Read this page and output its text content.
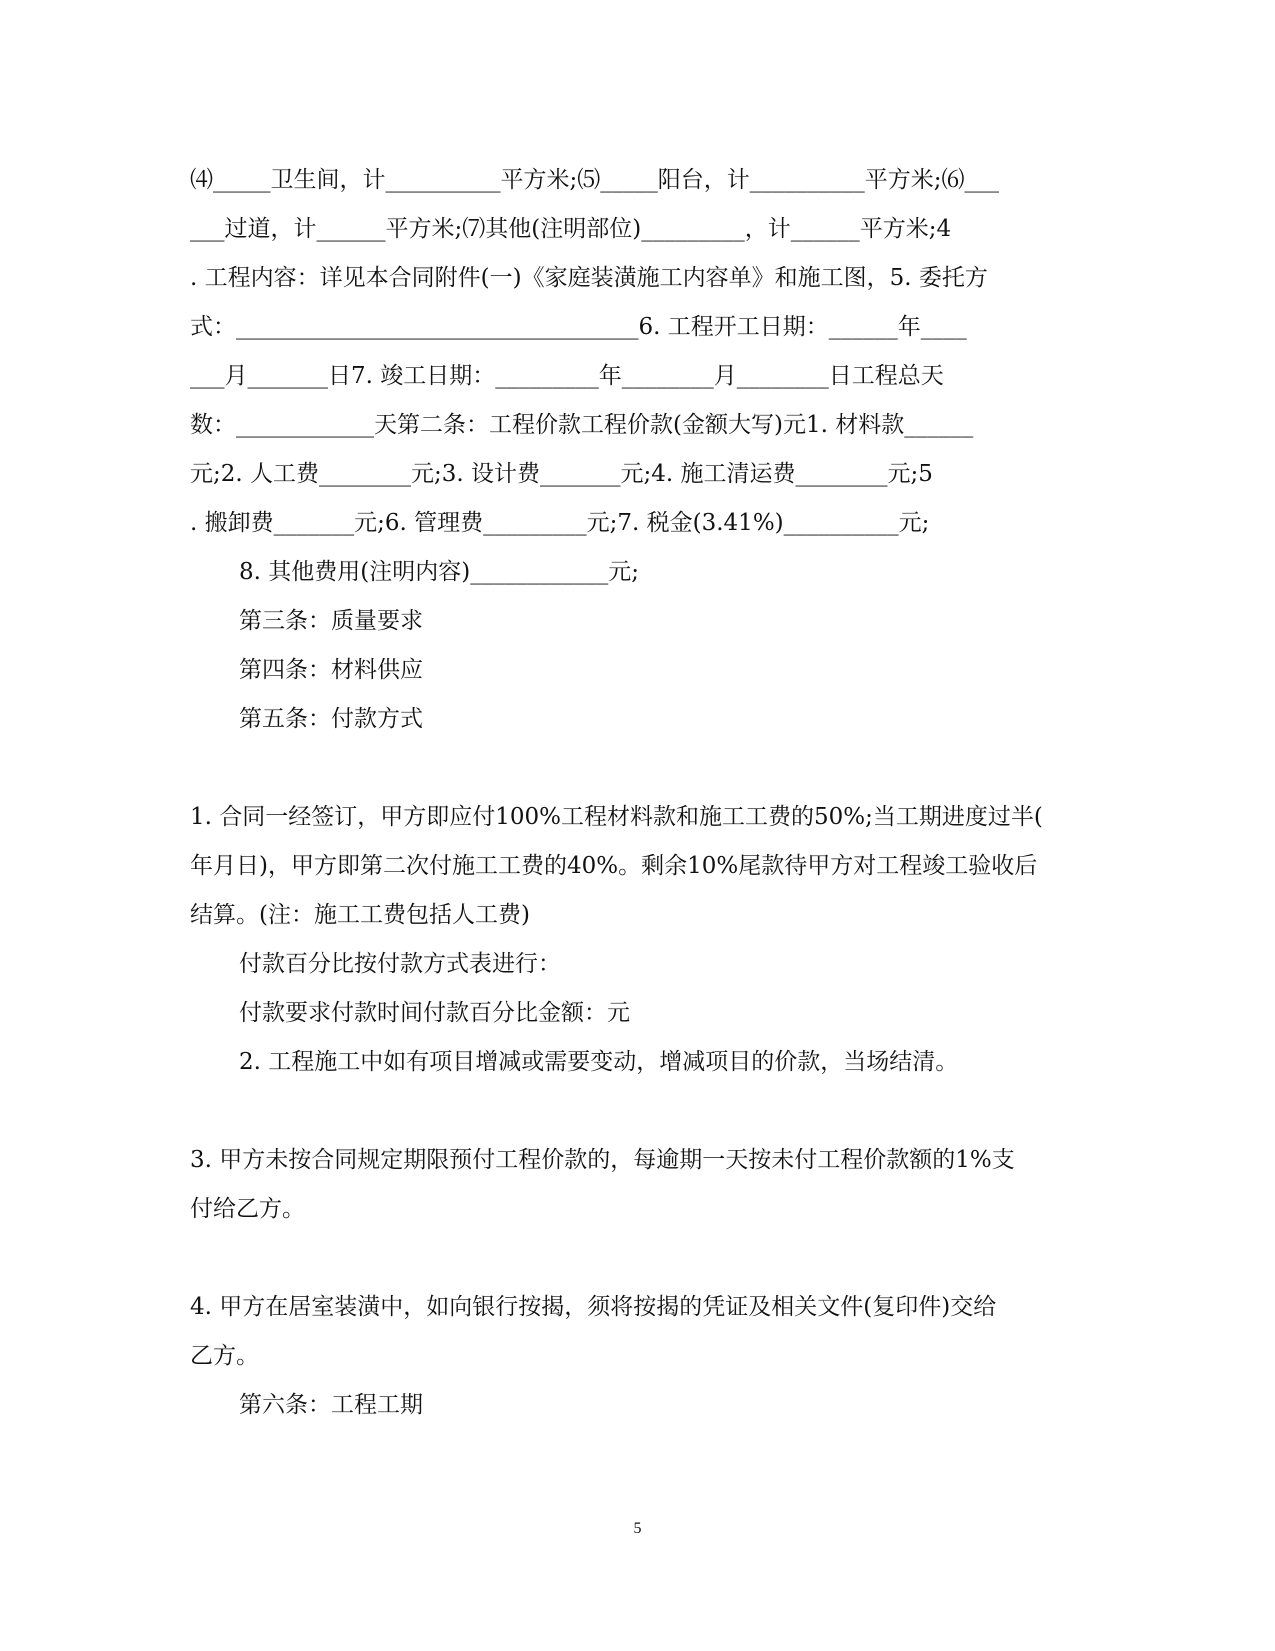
⑷_____卫生间，计__________平方米;⑸_____阳台，计__________平方米;⑹___
___过道，计______平方米;⑺其他(注明部位)_________，计______平方米;4
. 工程内容：详见本合同附件(一)《家庭装潢施工内容单》和施工图，5. 委托方
式：___________________________________6. 工程开工日期：______年____
___月_______日7. 竣工日期：_________年________月________日工程总天
数：____________天第二条：工程价款工程价款(金额大写)元1. 材料款______
元;2. 人工费________元;3. 设计费_______元;4. 施工清运费________元;5
. 搬卸费_______元;6. 管理费_________元;7. 税金(3.41%)__________元;
8. 其他费用(注明内容)____________元;
第三条：质量要求
第四条：材料供应
第五条：付款方式
1. 合同一经签订，甲方即应付100%工程材料款和施工工费的50%;当工期进度过半(
年月日)，甲方即第二次付施工工费的40%。剩余10%尾款待甲方对工程竣工验收后
结算。(注：施工工费包括人工费)
付款百分比按付款方式表进行：
付款要求付款时间付款百分比金额：元
2. 工程施工中如有项目增减或需要变动，增减项目的价款，当场结清。
3. 甲方未按合同规定期限预付工程价款的，每逾期一天按未付工程价款额的1%支
付给乙方。
4. 甲方在居室装潢中，如向银行按揭，须将按揭的凭证及相关文件(复印件)交给
乙方。
第六条：工程工期
5
